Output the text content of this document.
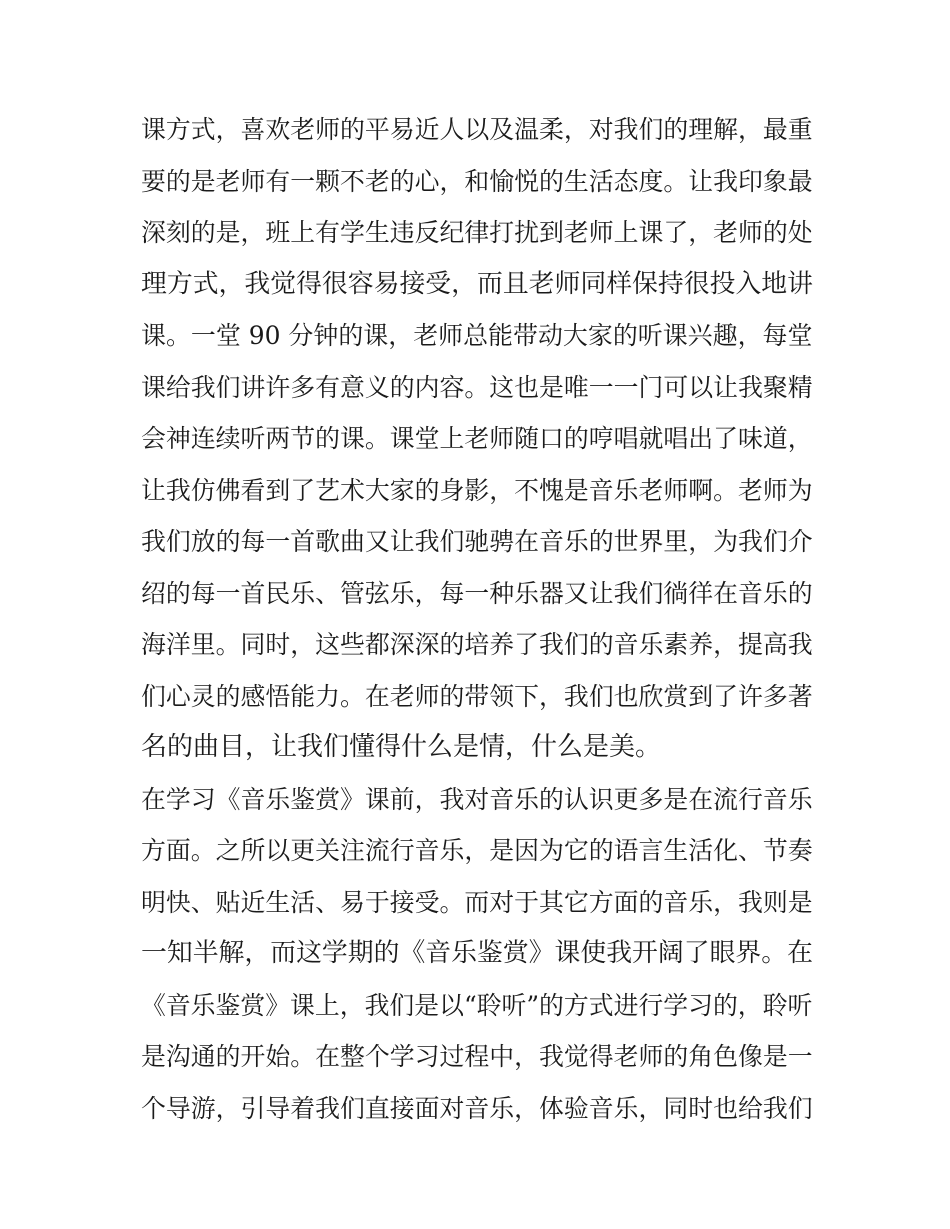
课方式，喜欢老师的平易近人以及温柔，对我们的理解，最重
要的是老师有一颗不老的心，和愉悦的生活态度。让我印象最
深刻的是，班上有学生违反纪律打扰到老师上课了，老师的处
理方式，我觉得很容易接受，而且老师同样保持很投入地讲
课。一堂 90 分钟的课，老师总能带动大家的听课兴趣，每堂
课给我们讲许多有意义的内容。这也是唯一一门可以让我聚精
会神连续听两节的课。课堂上老师随口的哼唱就唱出了味道，
让我仿佛看到了艺术大家的身影，不愧是音乐老师啊。老师为
我们放的每一首歌曲又让我们驰骋在音乐的世界里，为我们介
绍的每一首民乐、管弦乐，每一种乐器又让我们徜徉在音乐的
海洋里。同时，这些都深深的培养了我们的音乐素养，提高我
们心灵的感悟能力。在老师的带领下，我们也欣赏到了许多著
名的曲目，让我们懂得什么是情，什么是美。
在学习《音乐鉴赏》课前，我对音乐的认识更多是在流行音乐
方面。之所以更关注流行音乐，是因为它的语言生活化、节奏
明快、贴近生活、易于接受。而对于其它方面的音乐，我则是
一知半解，而这学期的《音乐鉴赏》课使我开阔了眼界。在
《音乐鉴赏》课上，我们是以“聆听”的方式进行学习的，聆听
是沟通的开始。在整个学习过程中，我觉得老师的角色像是一
个导游，引导着我们直接面对音乐，体验音乐，同时也给我们
